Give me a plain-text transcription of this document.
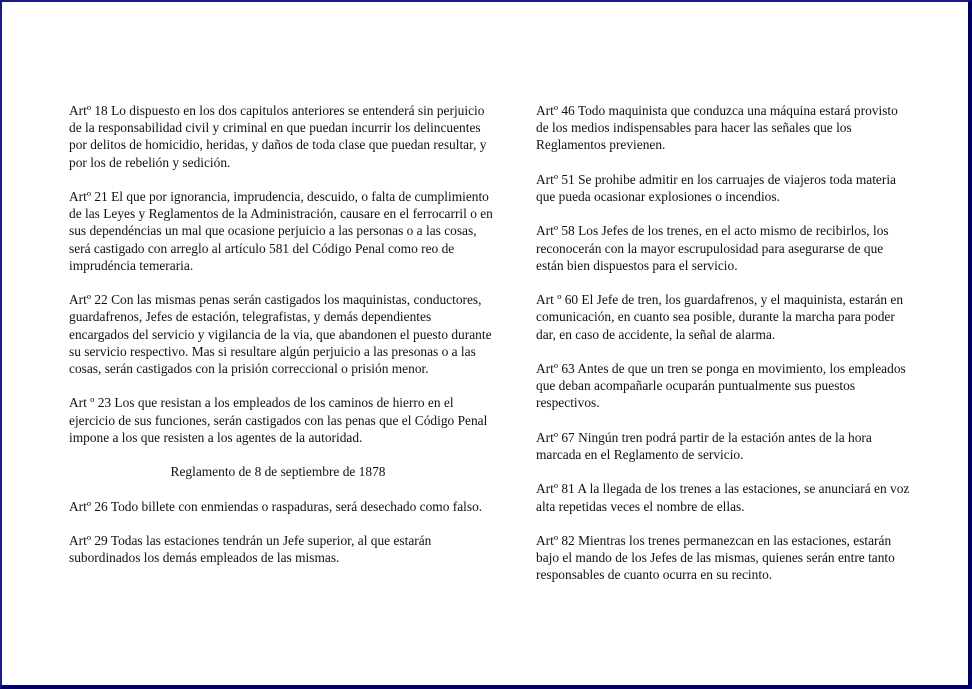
Artº 18 Lo dispuesto en los dos capitulos anteriores se entenderá sin perjuicio de la responsabilidad civil y criminal en que puedan incurrir los delincuentes por delitos de homicidio, heridas, y daños de toda clase que puedan resultar, y por los de rebelión y sedición.

Artº 21 El que por ignorancia, imprudencia, descuido, o falta de cumplimiento de las Leyes y Reglamentos de la Administración, causare en el ferrocarril o en sus dependéncias un mal que ocasione perjuicio a las personas o a las cosas, será castigado con arreglo al artículo 581 del Código Penal como reo de imprudéncia temeraria.

Artº 22 Con las mismas penas serán castigados los maquinistas, conductores, guardafrenos, Jefes de estación, telegrafistas, y demás dependientes encargados del servicio y vigilancia de la via, que abandonen el puesto durante su servicio respectivo. Mas si resultare algún perjuicio a las presonas o a las cosas, serán castigados con la prisión correccional o prisión menor.

Art º 23 Los que resistan a los empleados de los caminos de hierro en el ejercicio de sus funciones, serán castigados con las penas que el Código Penal impone a los que resisten a los agentes de la autoridad.

Reglamento de 8 de septiembre de 1878

Artº 26 Todo billete con enmiendas o raspaduras, será desechado como falso.

Artº 29 Todas las estaciones tendrán un Jefe superior, al que estarán subordinados los demás empleados de las mismas.

Artº 46 Todo maquinista que conduzca una máquina estará provisto de los medios indispensables para hacer las señales que los Reglamentos previenen.

Artº 51 Se prohibe admitir en los carruajes de viajeros toda materia que pueda ocasionar explosiones o incendios.

Artº 58 Los Jefes de los trenes, en el acto mismo de recibirlos, los reconocerán con la mayor escrupulosidad para asegurarse de que están bien dispuestos para el servicio.

Art º 60 El Jefe de tren, los guardafrenos, y el maquinista, estarán en comunicación, en cuanto sea posible, durante la marcha para poder dar, en caso de accidente, la señal de alarma.

Artº 63 Antes de que un tren se ponga en movimiento, los empleados que deban acompañarle ocuparán puntualmente sus puestos respectivos.

Artº 67 Ningún tren podrá partir de la estación antes de la hora marcada en el Reglamento de servicio.

Artº 81 A la llegada de los trenes a las estaciones, se anunciará en voz alta repetidas veces el nombre de ellas.

Artº 82 Mientras los trenes permanezcan en las estaciones, estarán bajo el mando de los Jefes de las mismas, quienes serán entre tanto responsables de cuanto ocurra en su recinto.
